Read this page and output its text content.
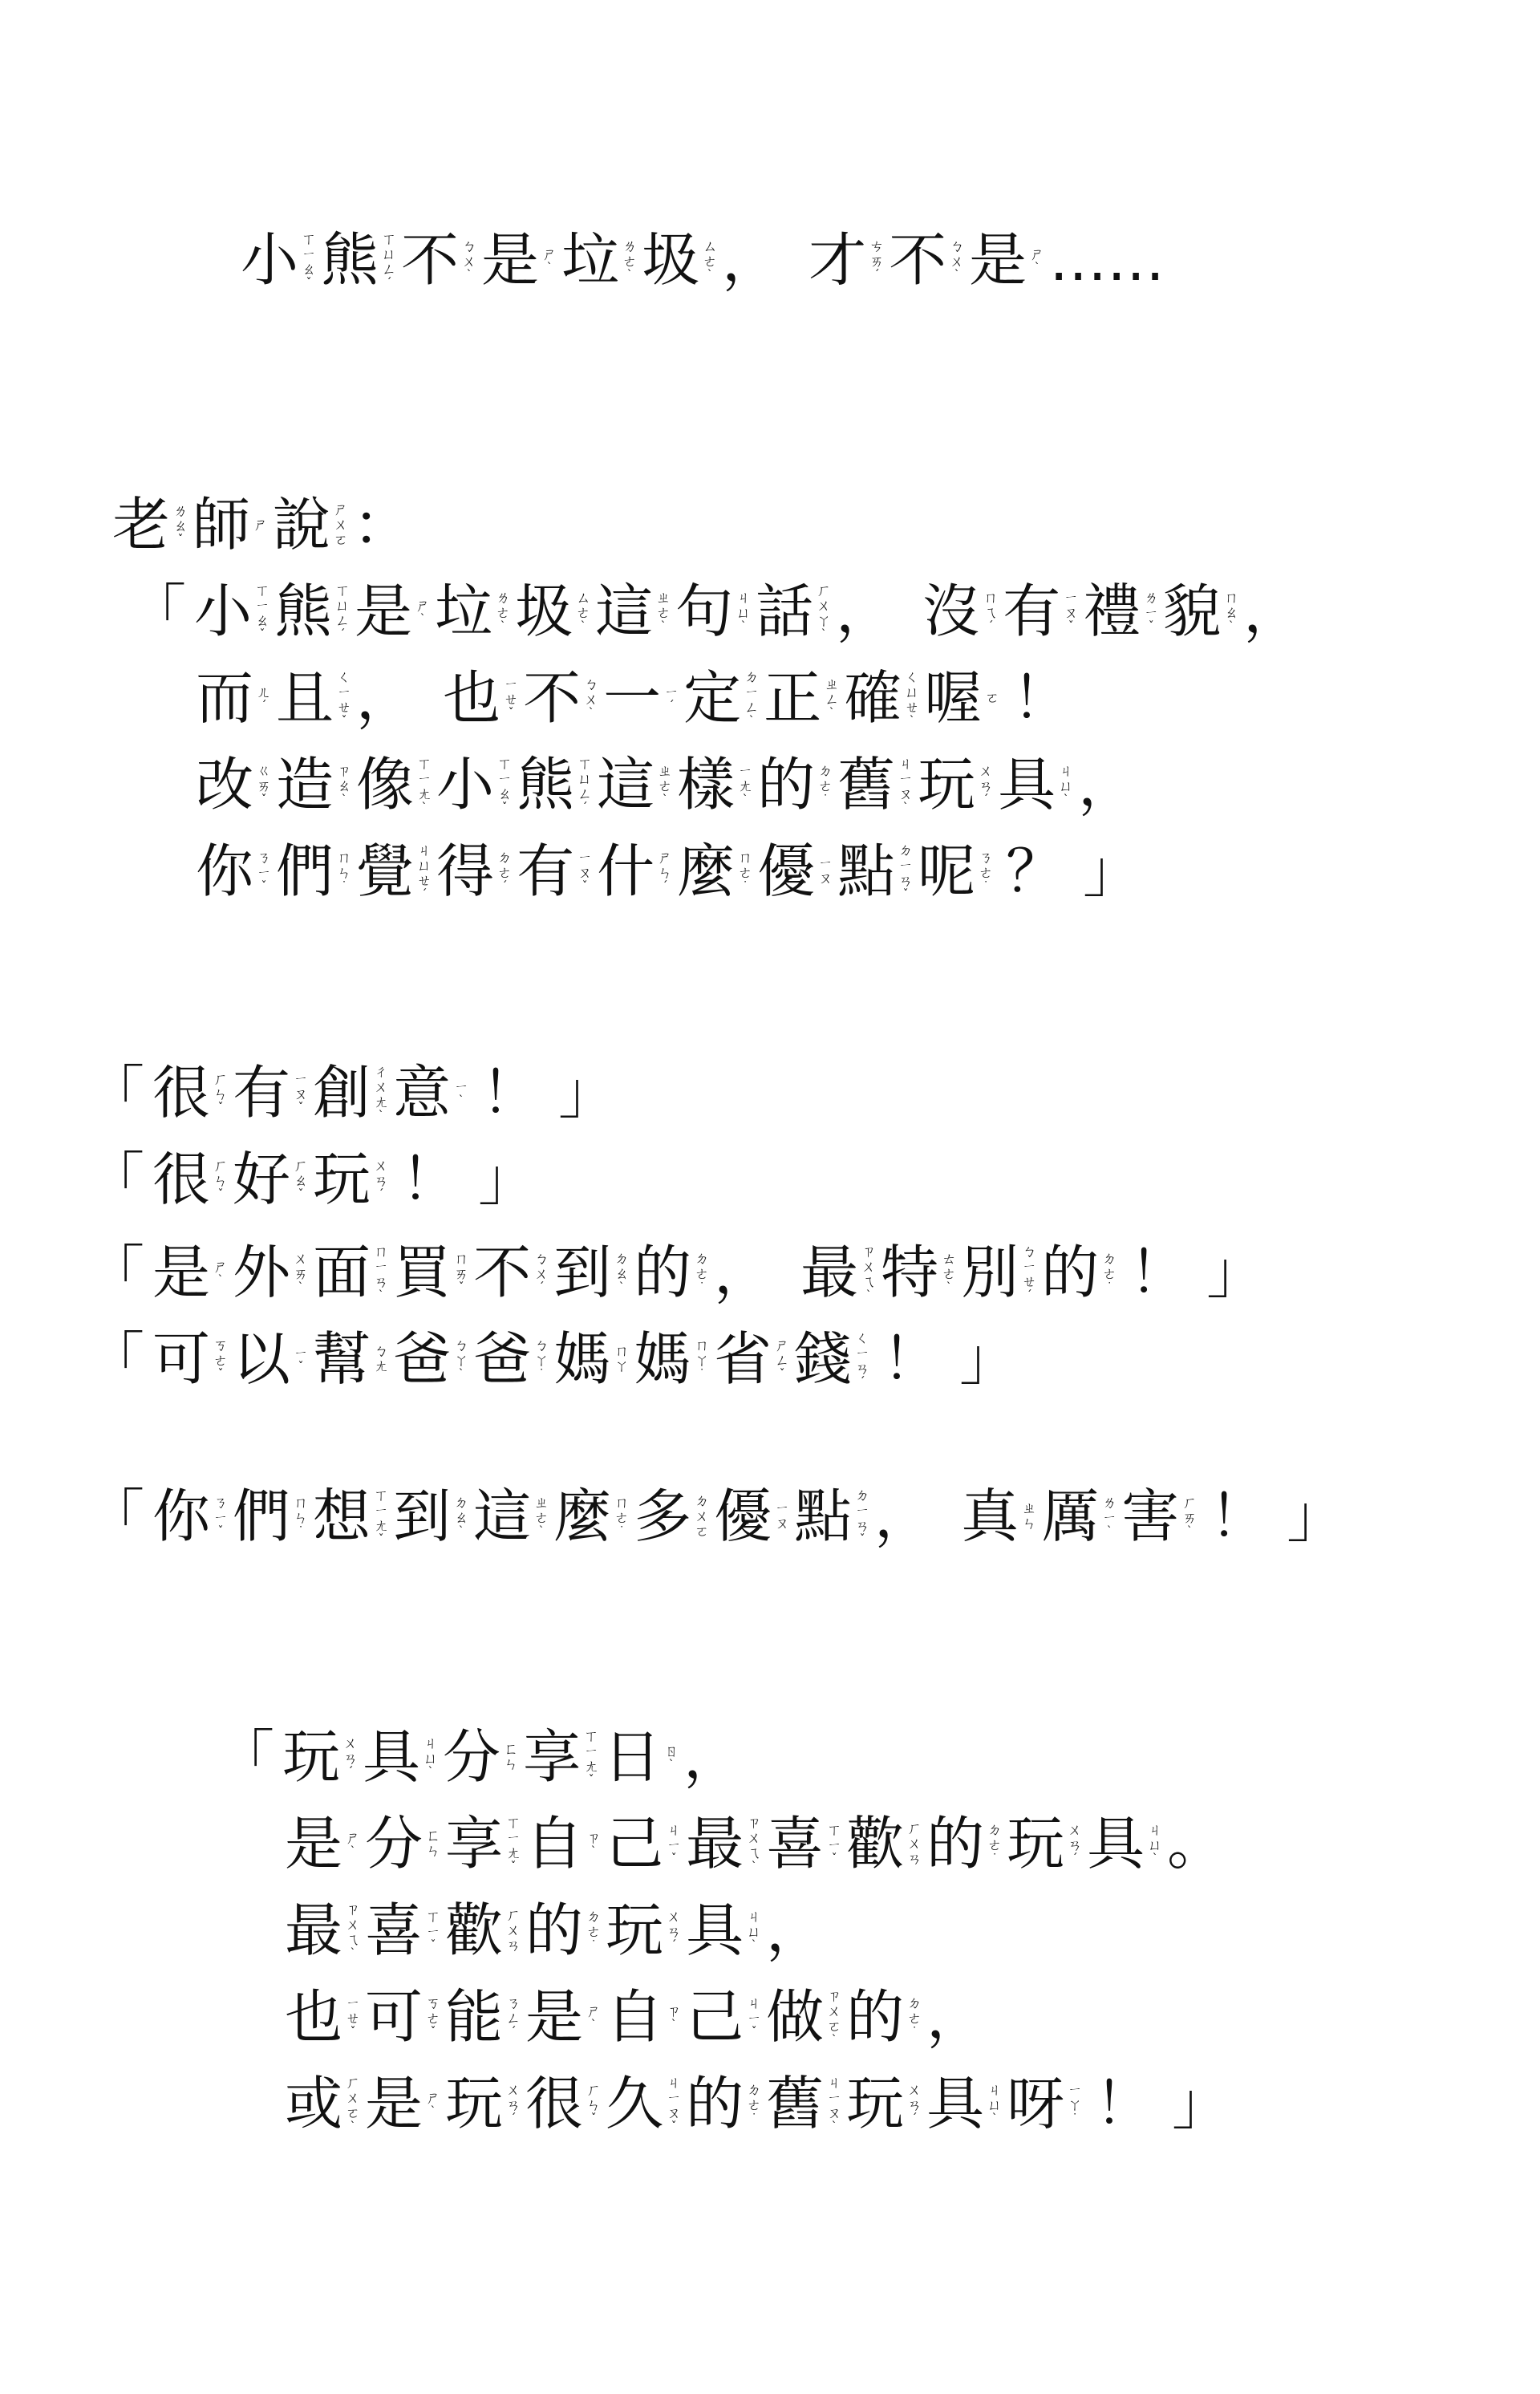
小 ㄒ
ㄧ
ㄠ
ˇ 熊 ㄒ
ㄩ
ㄥ
ˊ 不 ㄅ
ㄨ
ˋ 是 ㄕ
ˋ 垃 ㄌ
ㄜ
ˋ 圾 ㄙ
ㄜ
ˋ ， 才 ㄘ
ㄞ
ˊ 不 ㄅ
ㄨ
ˋ 是 ㄕ
ˋ ……
老 ㄌ
ㄠ
ˇ 師 ㄕ 說 ㄕ
ㄨ
ㄛ ：
「 小 ㄒ
ㄧ
ㄠ
ˇ 熊 ㄒ
ㄩ
ㄥ
ˊ 是 ㄕ
ˋ 垃 ㄌ
ㄜ
ˋ 圾 ㄙ
ㄜ
ˋ 這 ㄓ
ㄜ
ˋ 句 ㄐ
ㄩ
ˋ 話 ㄏ
ㄨ
ㄚ
ˋ ， 沒 ㄇ
ㄟ
ˊ 有 ㄧ
ㄡ
ˇ 禮 ㄌ
ㄧ
ˇ 貌 ㄇ
ㄠ
ˋ ，
而 ㄦ
ˊ 且 ㄑ
ㄧ
ㄝ
ˇ ， 也 ㄧ
ㄝ
ˇ 不 ㄅ
ㄨ
ˋ 一 ㄧ
ˊ 定 ㄉ
ㄧ
ㄥ
ˋ 正 ㄓ
ㄥ
ˋ 確 ㄑ
ㄩ
ㄝ
ˋ 喔 ㄛ ！
改 ㄍ
ㄞ
ˇ 造 ㄗ
ㄠ
ˋ 像 ㄒ
ㄧ
ㄤ
ˋ 小 ㄒ
ㄧ
ㄠ
ˇ 熊 ㄒ
ㄩ
ㄥ
ˊ 這 ㄓ
ㄜ
ˋ 樣 ㄧ
ㄤ
ˋ 的 ㄉ
ㄜ
˙ 舊 ㄐ
ㄧ
ㄡ
ˋ 玩 ㄨ
ㄢ
ˊ 具 ㄐ
ㄩ
ˋ ，
你 ㄋ
ㄧ
ˇ 們 ㄇ
ㄣ
˙ 覺 ㄐ
ㄩ
ㄝ
ˊ 得 ㄉ
ㄜ
ˊ 有 ㄧ
ㄡ
ˇ 什 ㄕ
ㄣ
ˊ 麼 ㄇ
ㄜ
˙ 優 ㄧ
ㄡ 點 ㄉ
ㄧ
ㄢ
ˇ 呢 ㄋ
ㄜ
˙ ？ 」
「 很 ㄏ
ㄣ
ˇ 有 ㄧ
ㄡ
ˇ 創 ㄔ
ㄨ
ㄤ
ˋ 意 ㄧ
ˋ ！ 」
「 很 ㄏ
ㄣ
ˇ 好 ㄏ
ㄠ
ˇ 玩 ㄨ
ㄢ
ˊ ！ 」
「 是 ㄕ
ˋ 外 ㄨ
ㄞ
ˋ 面 ㄇ
ㄧ
ㄢ
ˋ 買 ㄇ
ㄞ
ˇ 不 ㄅ
ㄨ
ˊ 到 ㄉ
ㄠ
ˋ 的 ㄉ
ㄜ
˙ ， 最 ㄗ
ㄨ
ㄟ
ˋ 特 ㄊ
ㄜ
ˋ 別 ㄅ
ㄧ
ㄝ
ˊ 的 ㄉ
ㄜ
˙ ！ 」
「 可 ㄎ
ㄜ
ˇ 以 ㄧ
ˇ 幫 ㄅ
ㄤ 爸 ㄅ
ㄚ
ˋ 爸 ㄅ
ㄚ
˙ 媽 ㄇ
ㄚ 媽 ㄇ
ㄚ
˙ 省 ㄕ
ㄥ
ˇ 錢 ㄑ
ㄧ
ㄢ
ˊ ！ 」
「 你 ㄋ
ㄧ
ˇ 們 ㄇ
ㄣ
˙ 想 ㄒ
ㄧ
ㄤ
ˇ 到 ㄉ
ㄠ
ˋ 這 ㄓ
ㄜ
ˋ 麼 ㄇ
ㄜ
˙ 多 ㄉ
ㄨ
ㄛ 優 ㄧ
ㄡ 點 ㄉ
ㄧ
ㄢ
ˇ ， 真 ㄓ
ㄣ 厲 ㄌ
ㄧ
ˋ 害 ㄏ
ㄞ
ˋ ！ 」
「 玩 ㄨ
ㄢ
ˊ 具 ㄐ
ㄩ
ˋ 分 ㄈ
ㄣ 享 ㄒ
ㄧ
ㄤ
ˇ 日 ㄖ
ˋ ，
是 ㄕ
ˋ 分 ㄈ
ㄣ 享 ㄒ
ㄧ
ㄤ
ˇ 自 ㄗ
ˋ 己 ㄐ
ㄧ
ˇ 最 ㄗ
ㄨ
ㄟ
ˋ 喜 ㄒ
ㄧ
ˇ 歡 ㄏ
ㄨ
ㄢ 的 ㄉ
ㄜ
˙ 玩 ㄨ
ㄢ
ˊ 具 ㄐ
ㄩ
ˋ 。
最 ㄗ
ㄨ
ㄟ
ˋ 喜 ㄒ
ㄧ
ˇ 歡 ㄏ
ㄨ
ㄢ 的 ㄉ
ㄜ
˙ 玩 ㄨ
ㄢ
ˊ 具 ㄐ
ㄩ
ˋ ，
也 ㄧ
ㄝ
ˇ 可 ㄎ
ㄜ
ˇ 能 ㄋ
ㄥ
ˊ 是 ㄕ
ˋ 自 ㄗ
ˋ 己 ㄐ
ㄧ
ˇ 做 ㄗ
ㄨ
ㄛ
ˋ 的 ㄉ
ㄜ
˙ ，
或 ㄏ
ㄨ
ㄛ
ˋ 是 ㄕ
ˋ 玩 ㄨ
ㄢ
ˊ 很 ㄏ
ㄣ
ˇ 久 ㄐ
ㄧ
ㄡ
ˇ 的 ㄉ
ㄜ
˙ 舊 ㄐ
ㄧ
ㄡ
ˋ 玩 ㄨ
ㄢ
ˊ 具 ㄐ
ㄩ
ˋ 呀 ㄧ
ㄚ
˙ ！ 」
